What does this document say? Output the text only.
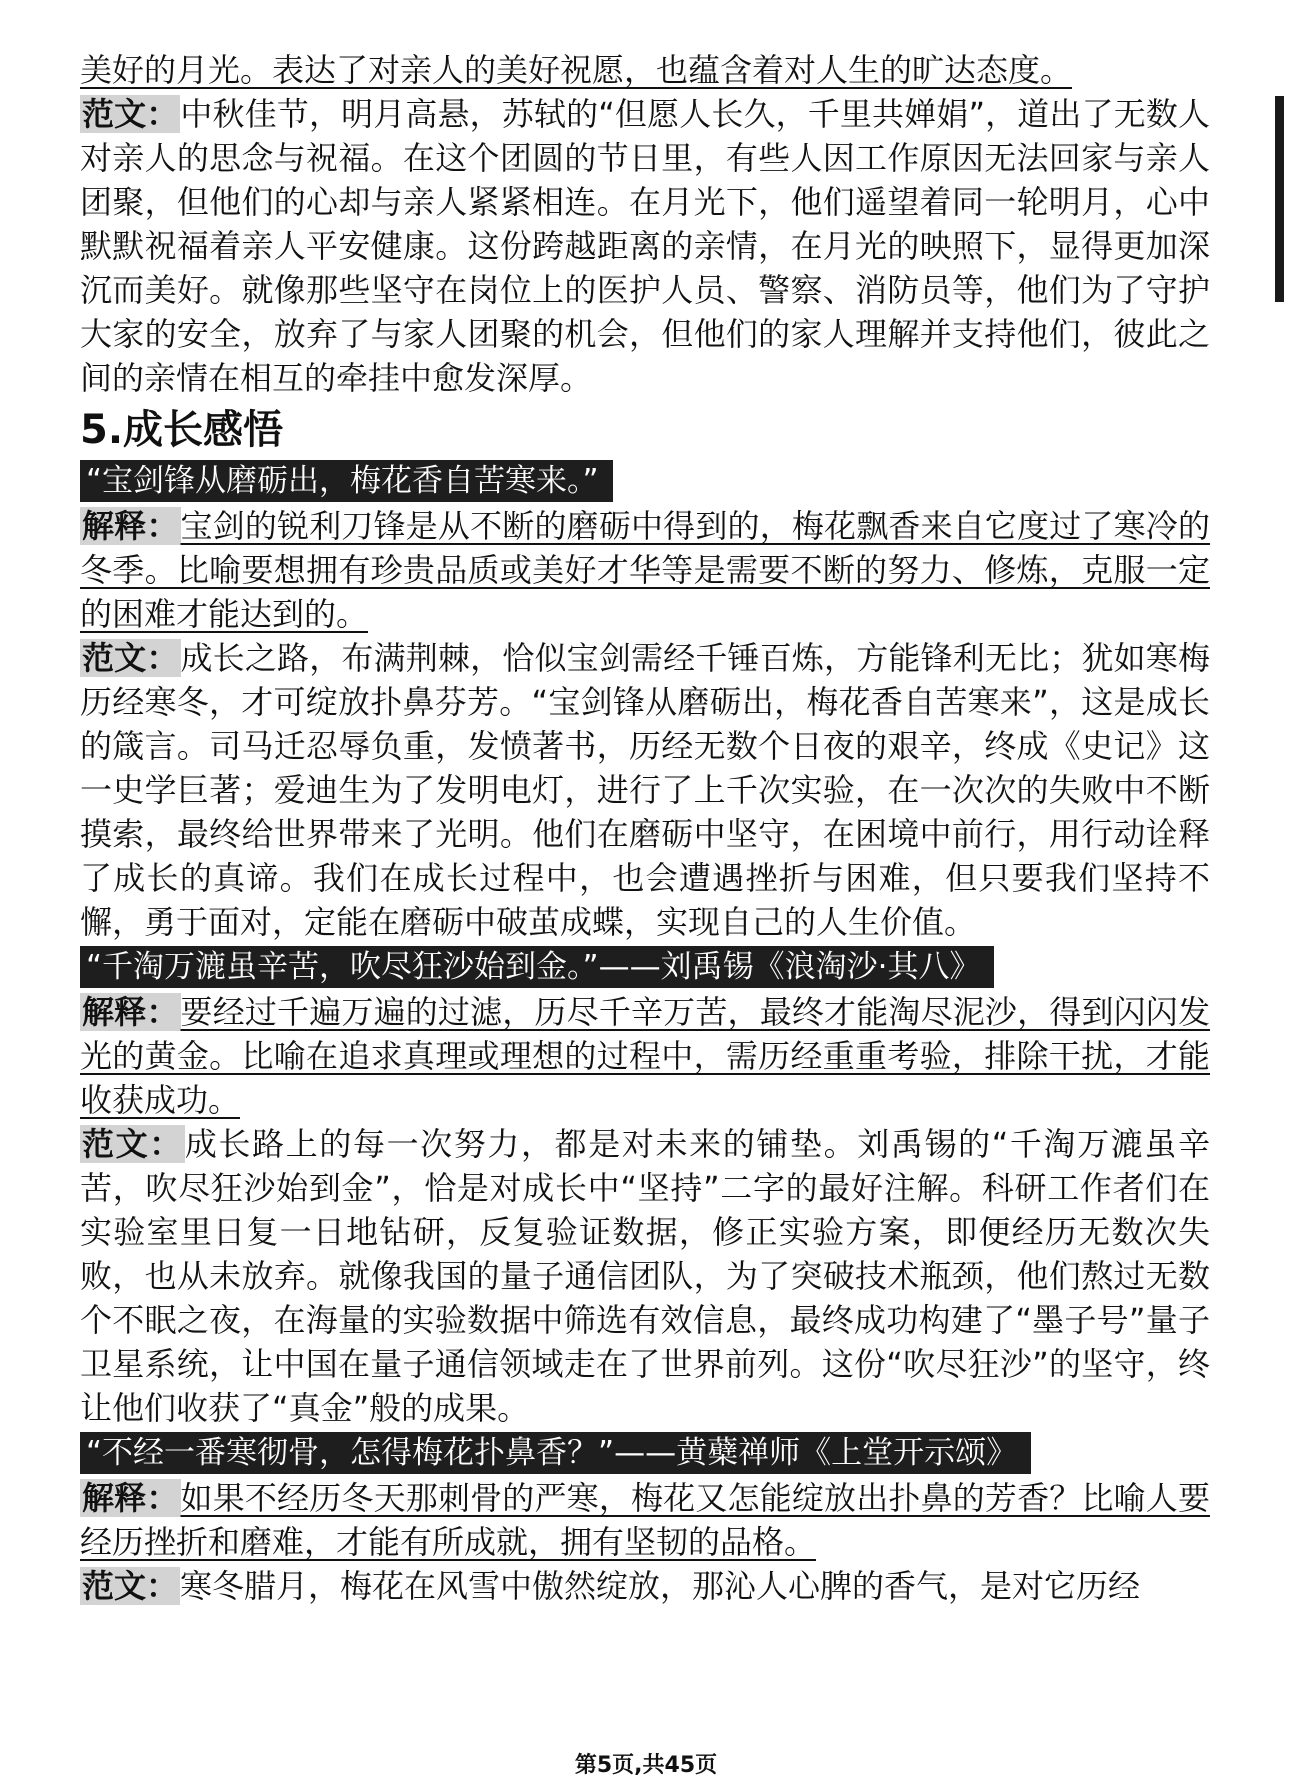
美好的月光。表达了对亲人的美好祝愿，也蕴含着对人生的旷达态度。

范文：中秋佳节，明月高悬，苏轼的“但愿人长久，千里共婵娟”，道出了无数人对亲人的思念与祝福。在这个团圆的节日里，有些人因工作原因无法回家与亲人团聚，但他们的心却与亲人紧紧相连。在月光下，他们遥望着同一轮明月，心中默默祝福着亲人平安健康。这份跨越距离的亲情，在月光的映照下，显得更加深沉而美好。就像那些坚守在岗位上的医护人员、警察、消防员等，他们为了守护大家的安全，放弃了与家人团聚的机会，但他们的家人理解并支持他们，彼此之间的亲情在相互的牵挂中愈发深厚。

5.成长感悟
“宝剑锋从磨砺出，梅花香自苦寒来。”

解释：宝剑的锐利刀锋是从不断的磨砺中得到的，梅花飘香来自它度过了寒冷的冬季。比喻要想拥有珍贵品质或美好才华等是需要不断的努力、修炼，克服一定的困难才能达到的。

范文：成长之路，布满荆棘，恰似宝剑需经千锤百炼，方能锋利无比；犹如寒梅历经寒冬，才可绽放扑鼻芬芳。“宝剑锋从磨砺出，梅花香自苦寒来”，这是成长的箴言。司马迁忍辱负重，发愤著书，历经无数个日夜的艰辛，终成《史记》这一史学巨著；爱迪生为了发明电灯，进行了上千次实验，在一次次的失败中不断摸索，最终给世界带来了光明。他们在磨砺中坚守，在困境中前行，用行动诠释了成长的真谛。我们在成长过程中，也会遭遇挫折与困难，但只要我们坚持不懈，勇于面对，定能在磨砺中破茧成蝶，实现自己的人生价值。

“千淘万漉虽辛苦，吹尽狂沙始到金。”——刘禹锡《浪淘沙·其八》

解释：要经过千遍万遍的过滤，历尽千辛万苦，最终才能淘尽泥沙，得到闪闪发光的黄金。比喻在追求真理或理想的过程中，需历经重重考验，排除干扰，才能收获成功。

范文：成长路上的每一次努力，都是对未来的铺垫。刘禹锡的“千淘万漉虽辛苦，吹尽狂沙始到金”，恰是对成长中“坚持”二字的最好注解。科研工作者们在实验室里日复一日地钻研，反复验证数据，修正实验方案，即便经历无数次失败，也从未放弃。就像我国的量子通信团队，为了突破技术瓶颈，他们熬过无数个不眠之夜，在海量的实验数据中筛选有效信息，最终成功构建了“墨子号”量子卫星系统，让中国在量子通信领域走在了世界前列。这份“吹尽狂沙”的坚守，终让他们收获了“真金”般的成果。

“不经一番寒彻骨，怎得梅花扑鼻香？”——黄蘗禅师《上堂开示颂》

解释：如果不经历冬天那刺骨的严寒，梅花又怎能绽放出扑鼻的芳香？比喻人要经历挫折和磨难，才能有所成就，拥有坚韧的品格。

范文：寒冬腊月，梅花在风雪中傲然绽放，那沁人心脾的香气，是对它历经

第5页,共45页
